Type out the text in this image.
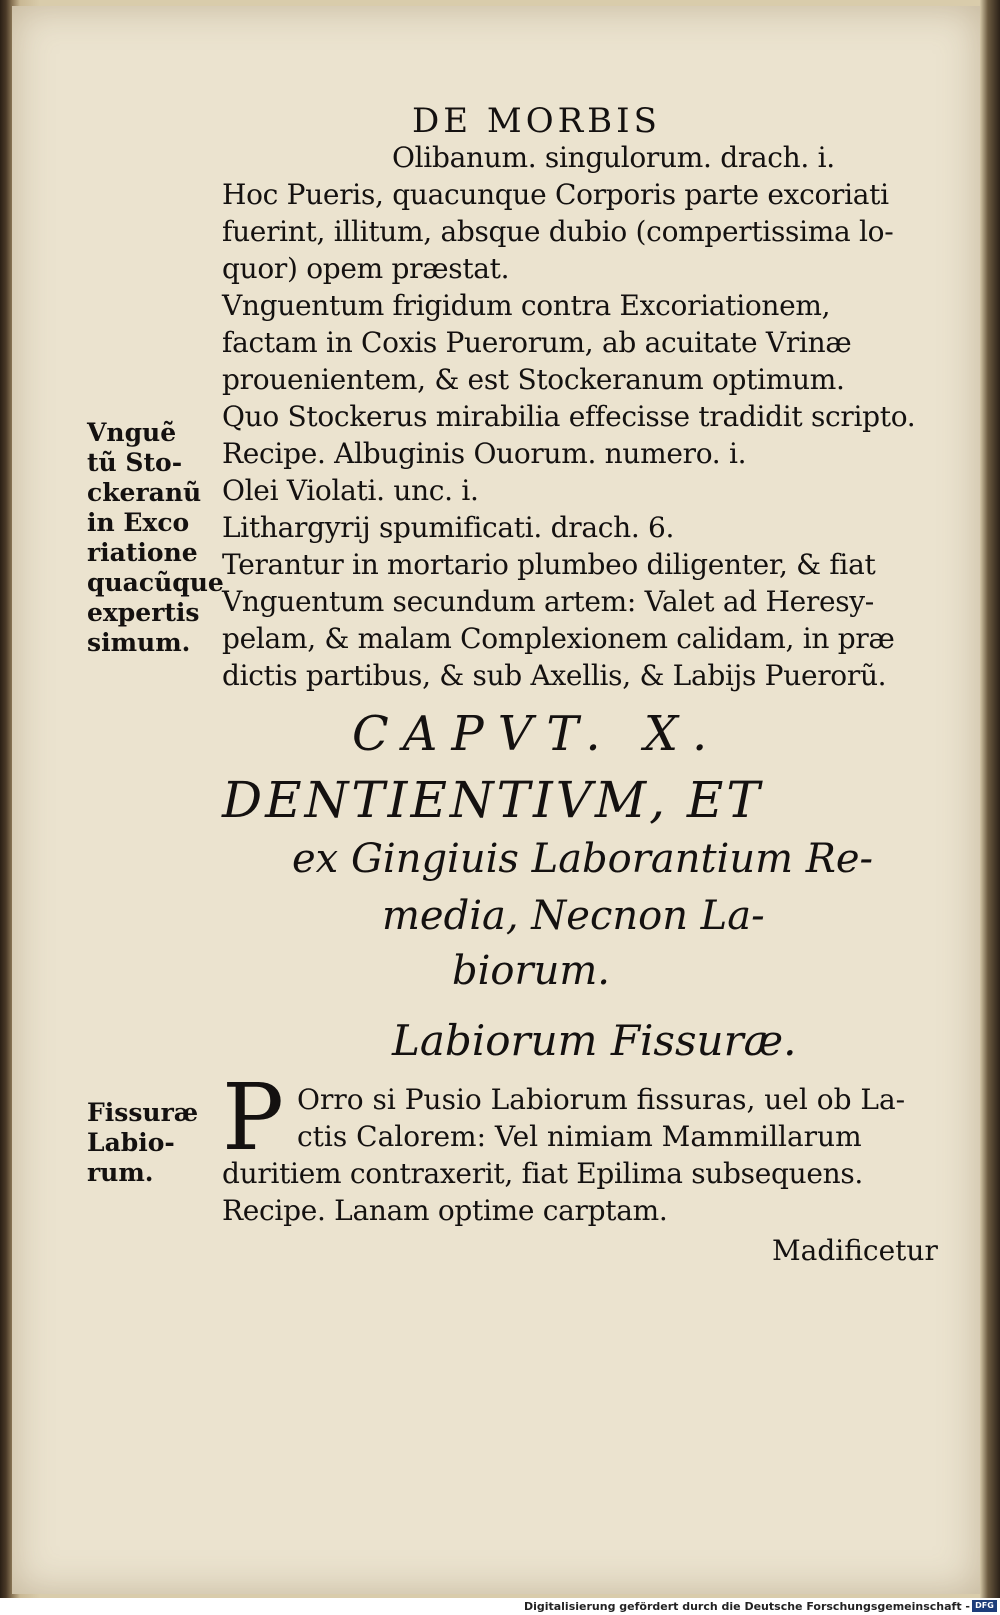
DE MORBIS
Olibanum. singulorum. drach. i.
Hoc Pueris, quacunque Corporis parte excoriati
fuerint, illitum, absque dubio (compertissima lo-
quor) opem præstat.
Vnguentum frigidum contra Excoriationem,
factam in Coxis Puerorum, ab acuitate Vrinæ
prouenientem, & est Stockeranum optimum.
Quo Stockerus mirabilia effecisse tradidit scripto.
Recipe. Albuginis Ouorum. numero. i.
Olei Violati. unc. i.
Lithargyrij spumificati. drach. 6.
Terantur in mortario plumbeo diligenter, & fiat
Vnguentum secundum artem: Valet ad Heresy-
pelam, & malam Complexionem calidam, in præ
dictis partibus, & sub Axellis, & Labijs Puerorũ.
Vnguẽ
tũ Sto-
ckeranũ
in Exco
riatione
quacũque
expertis
simum.
CAPVT. X.
DENTIENTIVM, ET
ex Gingiuis Laborantium Re-
media, Necnon La-
biorum.
Labiorum Fissuræ.
P Orro si Pusio Labiorum fissuras, uel ob La-
ctis Calorem: Vel nimiam Mammillarum
duritiem contraxerit, fiat Epilima subsequens.
Recipe. Lanam optime carptam.
Fissuræ
Labio-
rum.
Madificetur
Digitalisierung gefördert durch die Deutsche Forschungsgemeinschaft - DFG
